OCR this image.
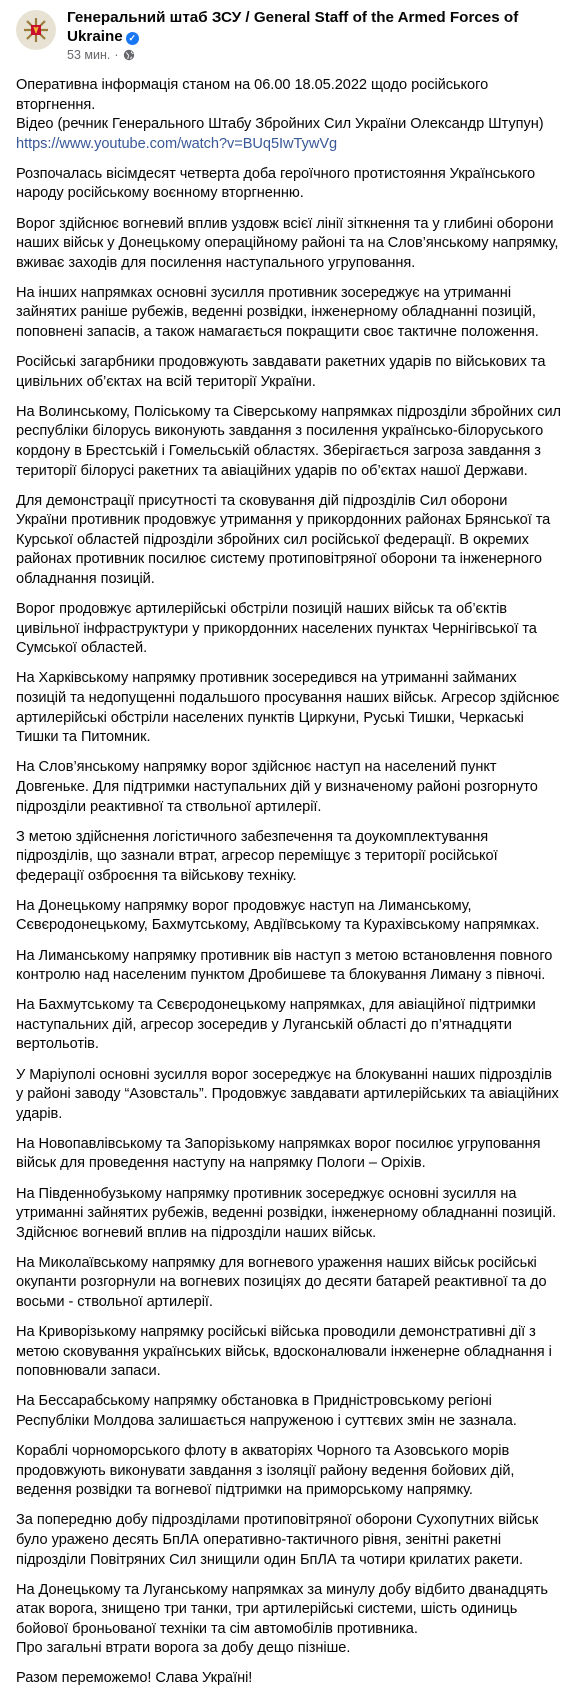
Генеральний штаб ЗСУ / General Staff of the Armed Forces of Ukraine ✓
53 мин. ·

Оперативна інформація станом на 06.00 18.05.2022 щодо російського вторгнення.
Відео (речник Генерального Штабу Збройних Сил України Олександр Штупун)
https://www.youtube.com/watch?v=BUq5IwTywVg

Розпочалась вісімдесят четверта доба героїчного протистояння Українського народу російському воєнному вторгненню.

Ворог здійснює вогневий вплив уздовж всієї лінії зіткнення та у глибині оборони наших військ у Донецькому операційному районі та на Слов’янському напрямку, вживає заходів для посилення наступального угруповання.

На інших напрямках основні зусилля противник зосереджує на утриманні зайнятих раніше рубежів, веденні розвідки, інженерному обладнанні позицій, поповнені запасів, а також намагається покращити своє тактичне положення.

Російські загарбники продовжують завдавати ракетних ударів по військових та цивільних об’єктах на всій території України.

На Волинському, Поліському та Сіверському напрямках підрозділи збройних сил республіки білорусь виконують завдання з посилення українсько-білоруського кордону в Брестській і Гомельській областях. Зберігається загроза завдання з території білорусі ракетних та авіаційних ударів по об’єктах нашої Держави.

Для демонстрації присутності та сковування дій підрозділів Сил оборони України противник продовжує утримання у прикордонних районах Брянської та Курської областей підрозділи збройних сил російської федерації. В окремих районах противник посилює систему протиповітряної оборони та інженерного обладнання позицій.

Ворог продовжує артилерійські обстріли позицій наших військ та об’єктів цивільної інфраструктури у прикордонних населених пунктах Чернігівської та Сумської областей.

На Харківському напрямку противник зосередився на утриманні займаних позицій та недопущенні подальшого просування наших військ. Агресор здійснює артилерійські обстріли населених пунктів Циркуни, Руські Тишки, Черкаські Тишки та Питомник.

На Слов’янському напрямку ворог здійснює наступ на населений пункт Довгеньке. Для підтримки наступальних дій у визначеному районі розгорнуто підрозділи реактивної та ствольної артилерії.

З метою здійснення логістичного забезпечення та доукомплектування підрозділів, що зазнали втрат, агресор переміщує з території російської федерації озброєння та військову техніку.

На Донецькому напрямку ворог продовжує наступ на Лиманському, Сєвєродонецькому, Бахмутському, Авдіївському та Курахівському напрямках.

На Лиманському напрямку противник вів наступ з метою встановлення повного контролю над населеним пунктом Дробишеве та блокування Лиману з півночі.

На Бахмутському та Сєвєродонецькому напрямках, для авіаційної підтримки наступальних дій, агресор зосередив у Луганській області до п’ятнадцяти вертольотів.

У Маріуполі основні зусилля ворог зосереджує на блокуванні наших підрозділів у районі заводу “Азовсталь”. Продовжує завдавати артилерійських та авіаційних ударів.

На Новопавлівському та Запорізькому напрямках ворог посилює угруповання військ для проведення наступу на напрямку Пологи – Оріхів.

На Південнобузькому напрямку противник зосереджує основні зусилля на утриманні зайнятих рубежів, веденні розвідки, інженерному обладнанні позицій. Здійснює вогневий вплив на підрозділи наших військ.

На Миколаївському напрямку для вогневого ураження наших військ російські окупанти розгорнули на вогневих позиціях до десяти батарей реактивної та до восьми - ствольної артилерії.

На Криворізькому напрямку російські війська проводили демонстративні дії з метою сковування українських військ, вдосконалювали інженерне обладнання і поповнювали запаси.

На Бессарабському напрямку обстановка в Придністровському регіоні Республіки Молдова залишається напруженою і суттєвих змін не зазнала.

Кораблі чорноморського флоту в акваторіях Чорного та Азовського морів продовжують виконувати завдання з ізоляції району ведення бойових дій, ведення розвідки та вогневої підтримки на приморському напрямку.

За попередню добу підрозділами протиповітряної оборони Сухопутних військ було уражено десять БпЛА оперативно-тактичного рівня, зенітні ракетні підрозділи Повітряних Сил знищили один БпЛА та чотири крилатих ракети.

На Донецькому та Луганському напрямках за минулу добу відбито дванадцять атак ворога, знищено три танки, три артилерійські системи, шість одиниць бойової броньованої техніки та сім автомобілів противника.
Про загальні втрати ворога за добу дещо пізніше.

Разом переможемо! Слава Україні!
